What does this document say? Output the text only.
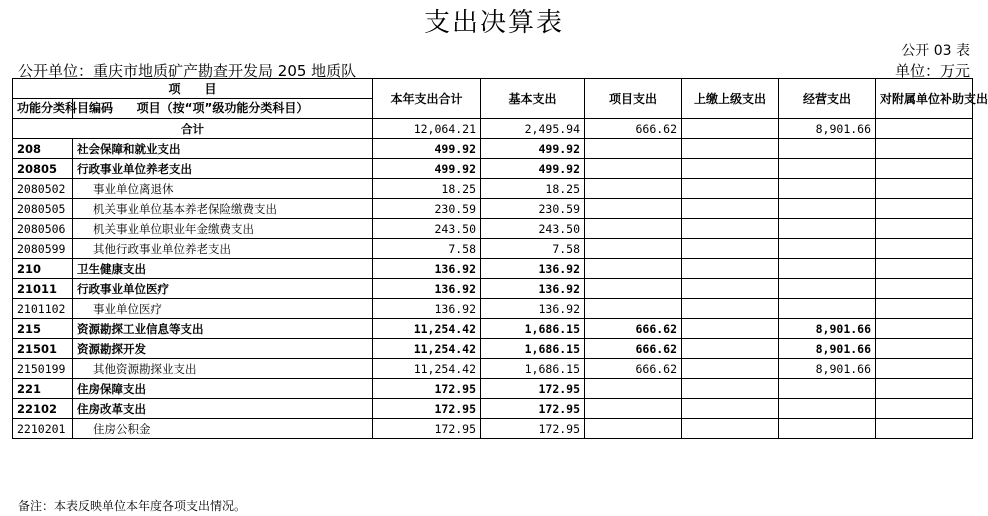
支出决算表
公开 03 表
公开单位：重庆市地质矿产勘查开发局 205 地质队	单位：万元
项　　目		本年支出合计	基本支出	项目支出	上缴上级支出	经营支出	对附属单位补助支出
功能分类科目编码	项目（按“项”级功能分类科目）						
合计		12,064.21	2,495.94	666.62		8,901.66	
208	社会保障和就业支出	499.92	499.92				
20805	行政事业单位养老支出	499.92	499.92				
2080502	事业单位离退休	18.25	18.25				
2080505	机关事业单位基本养老保险缴费支出	230.59	230.59				
2080506	机关事业单位职业年金缴费支出	243.50	243.50				
2080599	其他行政事业单位养老支出	7.58	7.58				
210	卫生健康支出	136.92	136.92				
21011	行政事业单位医疗	136.92	136.92				
2101102	事业单位医疗	136.92	136.92				
215	资源勘探工业信息等支出	11,254.42	1,686.15	666.62		8,901.66	
21501	资源勘探开发	11,254.42	1,686.15	666.62		8,901.66	
2150199	其他资源勘探业支出	11,254.42	1,686.15	666.62		8,901.66	
221	住房保障支出	172.95	172.95				
22102	住房改革支出	172.95	172.95				
2210201	住房公积金	172.95	172.95				
备注：本表反映单位本年度各项支出情况。
